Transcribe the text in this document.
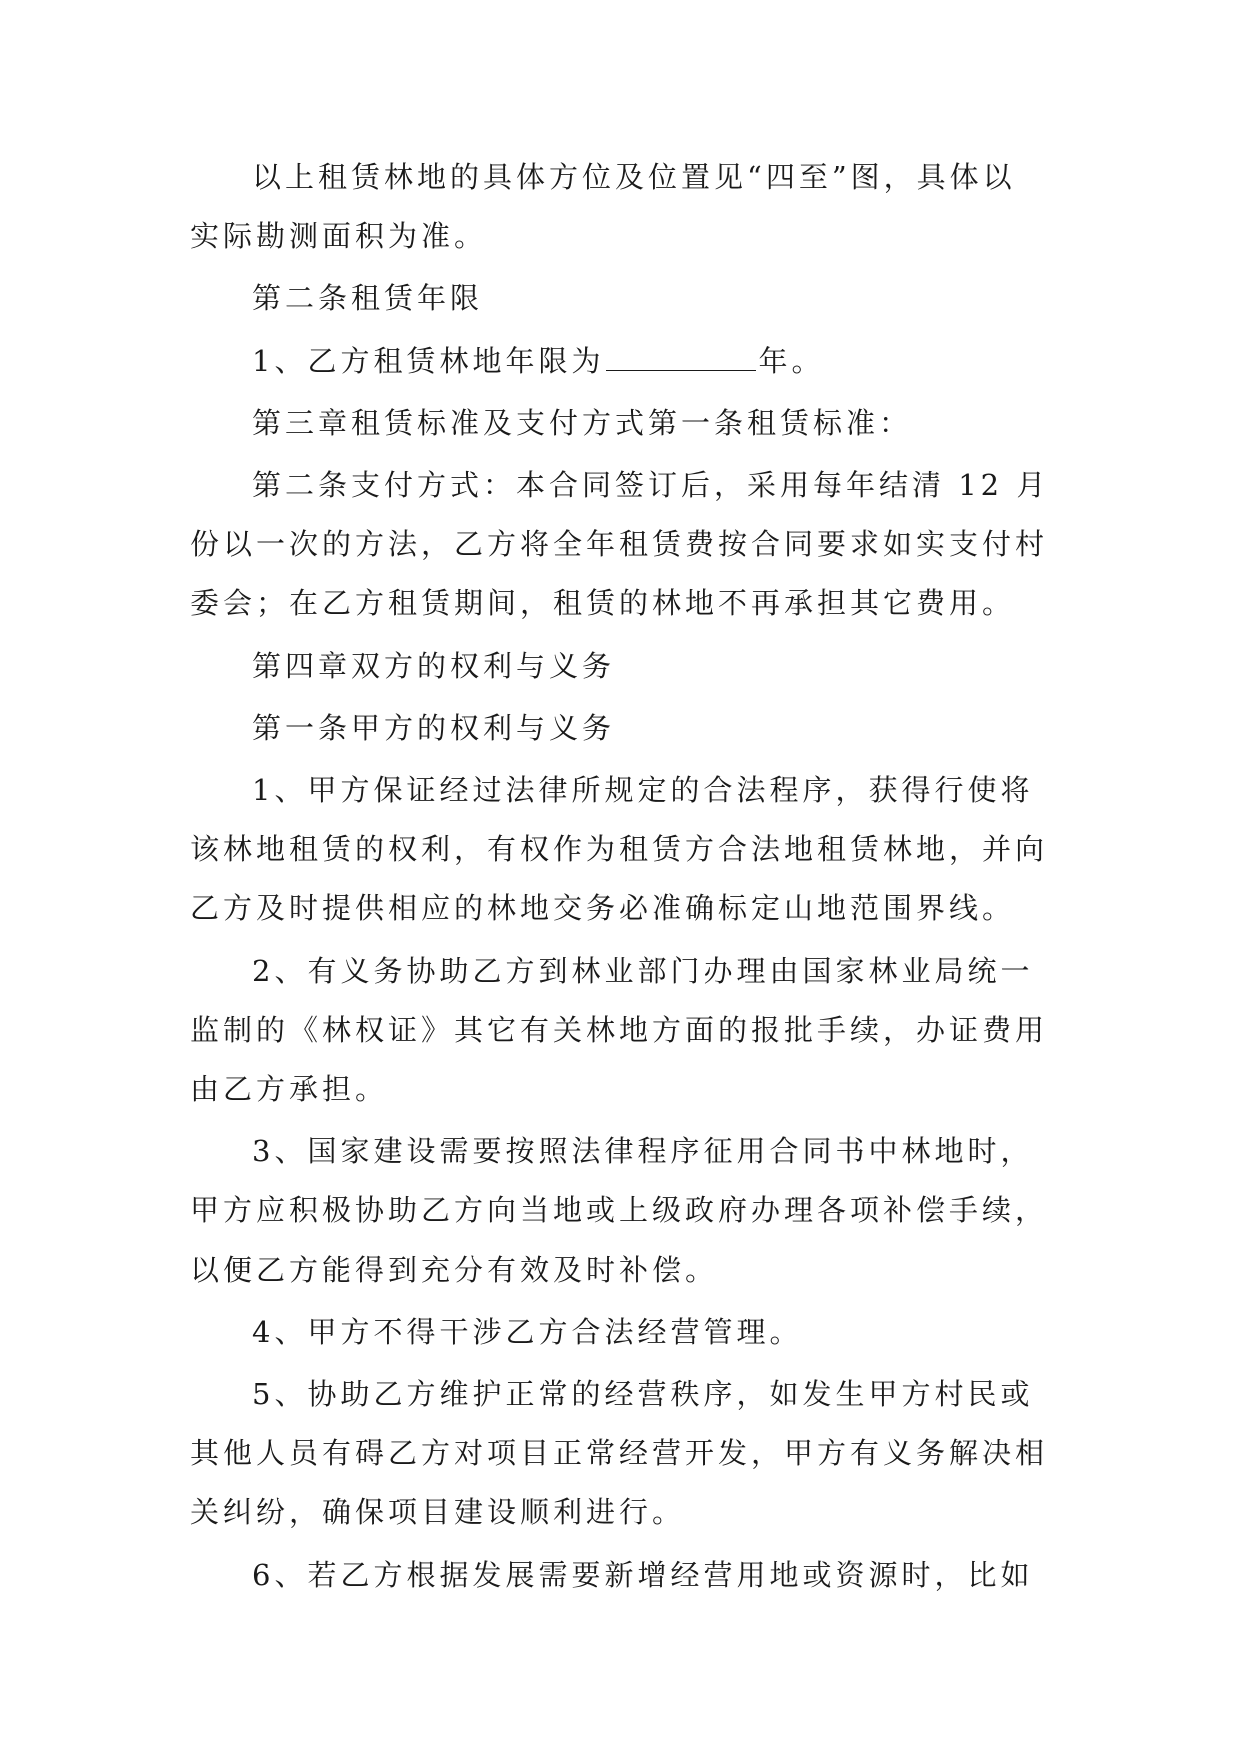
以上租赁林地的具体方位及位置见“四至”图，具体以
实际勘测面积为准。

第二条租赁年限

1、乙方租赁林地年限为	年。

第三章租赁标准及支付方式第一条租赁标准：

第二条支付方式：本合同签订后，采用每年结清 12 月
份以一次的方法，乙方将全年租赁费按合同要求如实支付村
委会；在乙方租赁期间，租赁的林地不再承担其它费用。

第四章双方的权利与义务

第一条甲方的权利与义务

1、甲方保证经过法律所规定的合法程序，获得行使将
该林地租赁的权利，有权作为租赁方合法地租赁林地，并向
乙方及时提供相应的林地交务必准确标定山地范围界线。

2、有义务协助乙方到林业部门办理由国家林业局统一
监制的《林权证》其它有关林地方面的报批手续，办证费用
由乙方承担。

3、国家建设需要按照法律程序征用合同书中林地时，
甲方应积极协助乙方向当地或上级政府办理各项补偿手续，
以便乙方能得到充分有效及时补偿。

4、甲方不得干涉乙方合法经营管理。

5、协助乙方维护正常的经营秩序，如发生甲方村民或
其他人员有碍乙方对项目正常经营开发，甲方有义务解决相
关纠纷，确保项目建设顺利进行。

6、若乙方根据发展需要新增经营用地或资源时，比如
